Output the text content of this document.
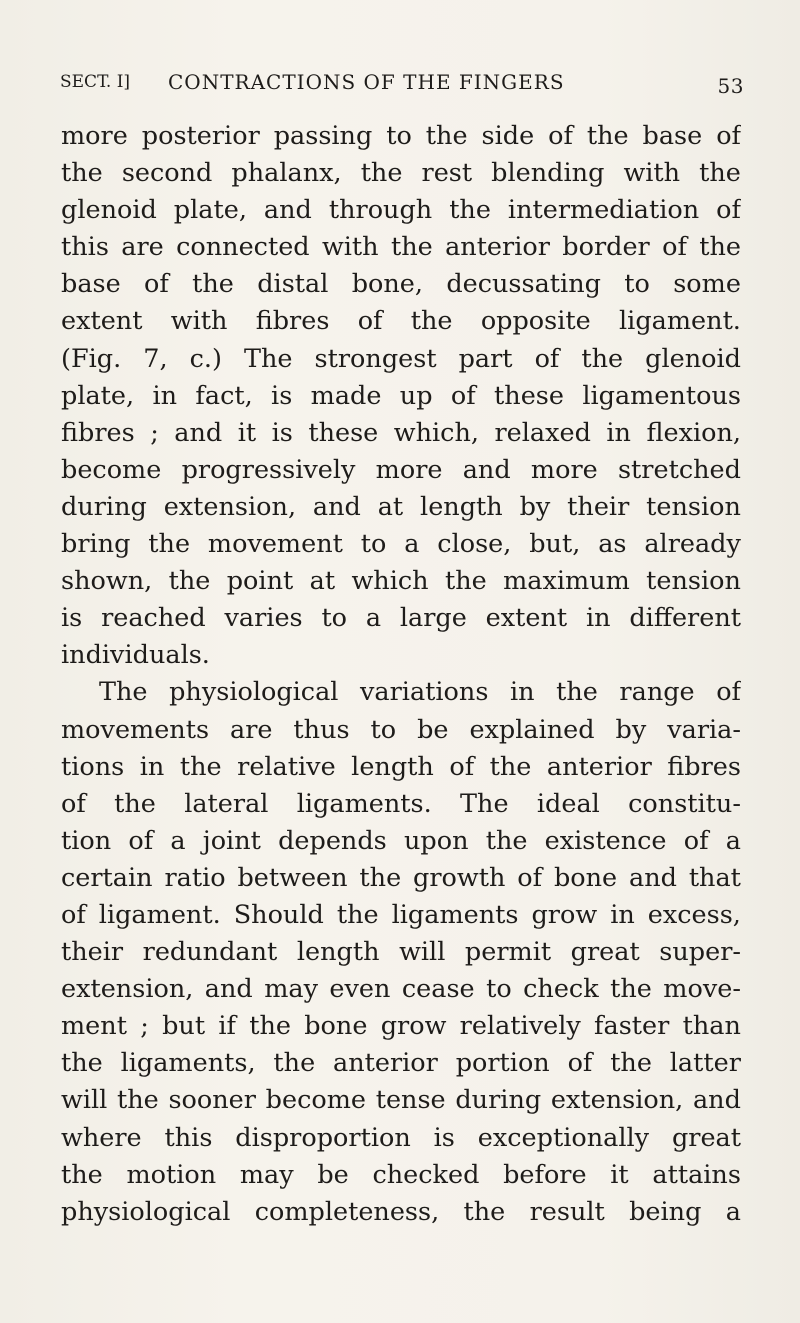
SECT. I] CONTRACTIONS OF THE FINGERS	53
more posterior passing to the side of the base of
the second phalanx, the rest blending with the
glenoid plate, and through the intermediation of
this are connected with the anterior border of the
base of the distal bone, decussating to some
extent with fibres of the opposite ligament.
(Fig. 7, c.) The strongest part of the glenoid
plate, in fact, is made up of these ligamentous
fibres ; and it is these which, relaxed in flexion,
become progressively more and more stretched
during extension, and at length by their tension
bring the movement to a close, but, as already
shown, the point at which the maximum tension
is reached varies to a large extent in different
individuals.
The physiological variations in the range of
movements are thus to be explained by varia-
tions in the relative length of the anterior fibres
of the lateral ligaments. The ideal constitu-
tion of a joint depends upon the existence of a
certain ratio between the growth of bone and that
of ligament. Should the ligaments grow in excess,
their redundant length will permit great super-
extension, and may even cease to check the move-
ment ; but if the bone grow relatively faster than
the ligaments, the anterior portion of the latter
will the sooner become tense during extension, and
where this disproportion is exceptionally great
the motion may be checked before it attains
physiological completeness, the result being a
